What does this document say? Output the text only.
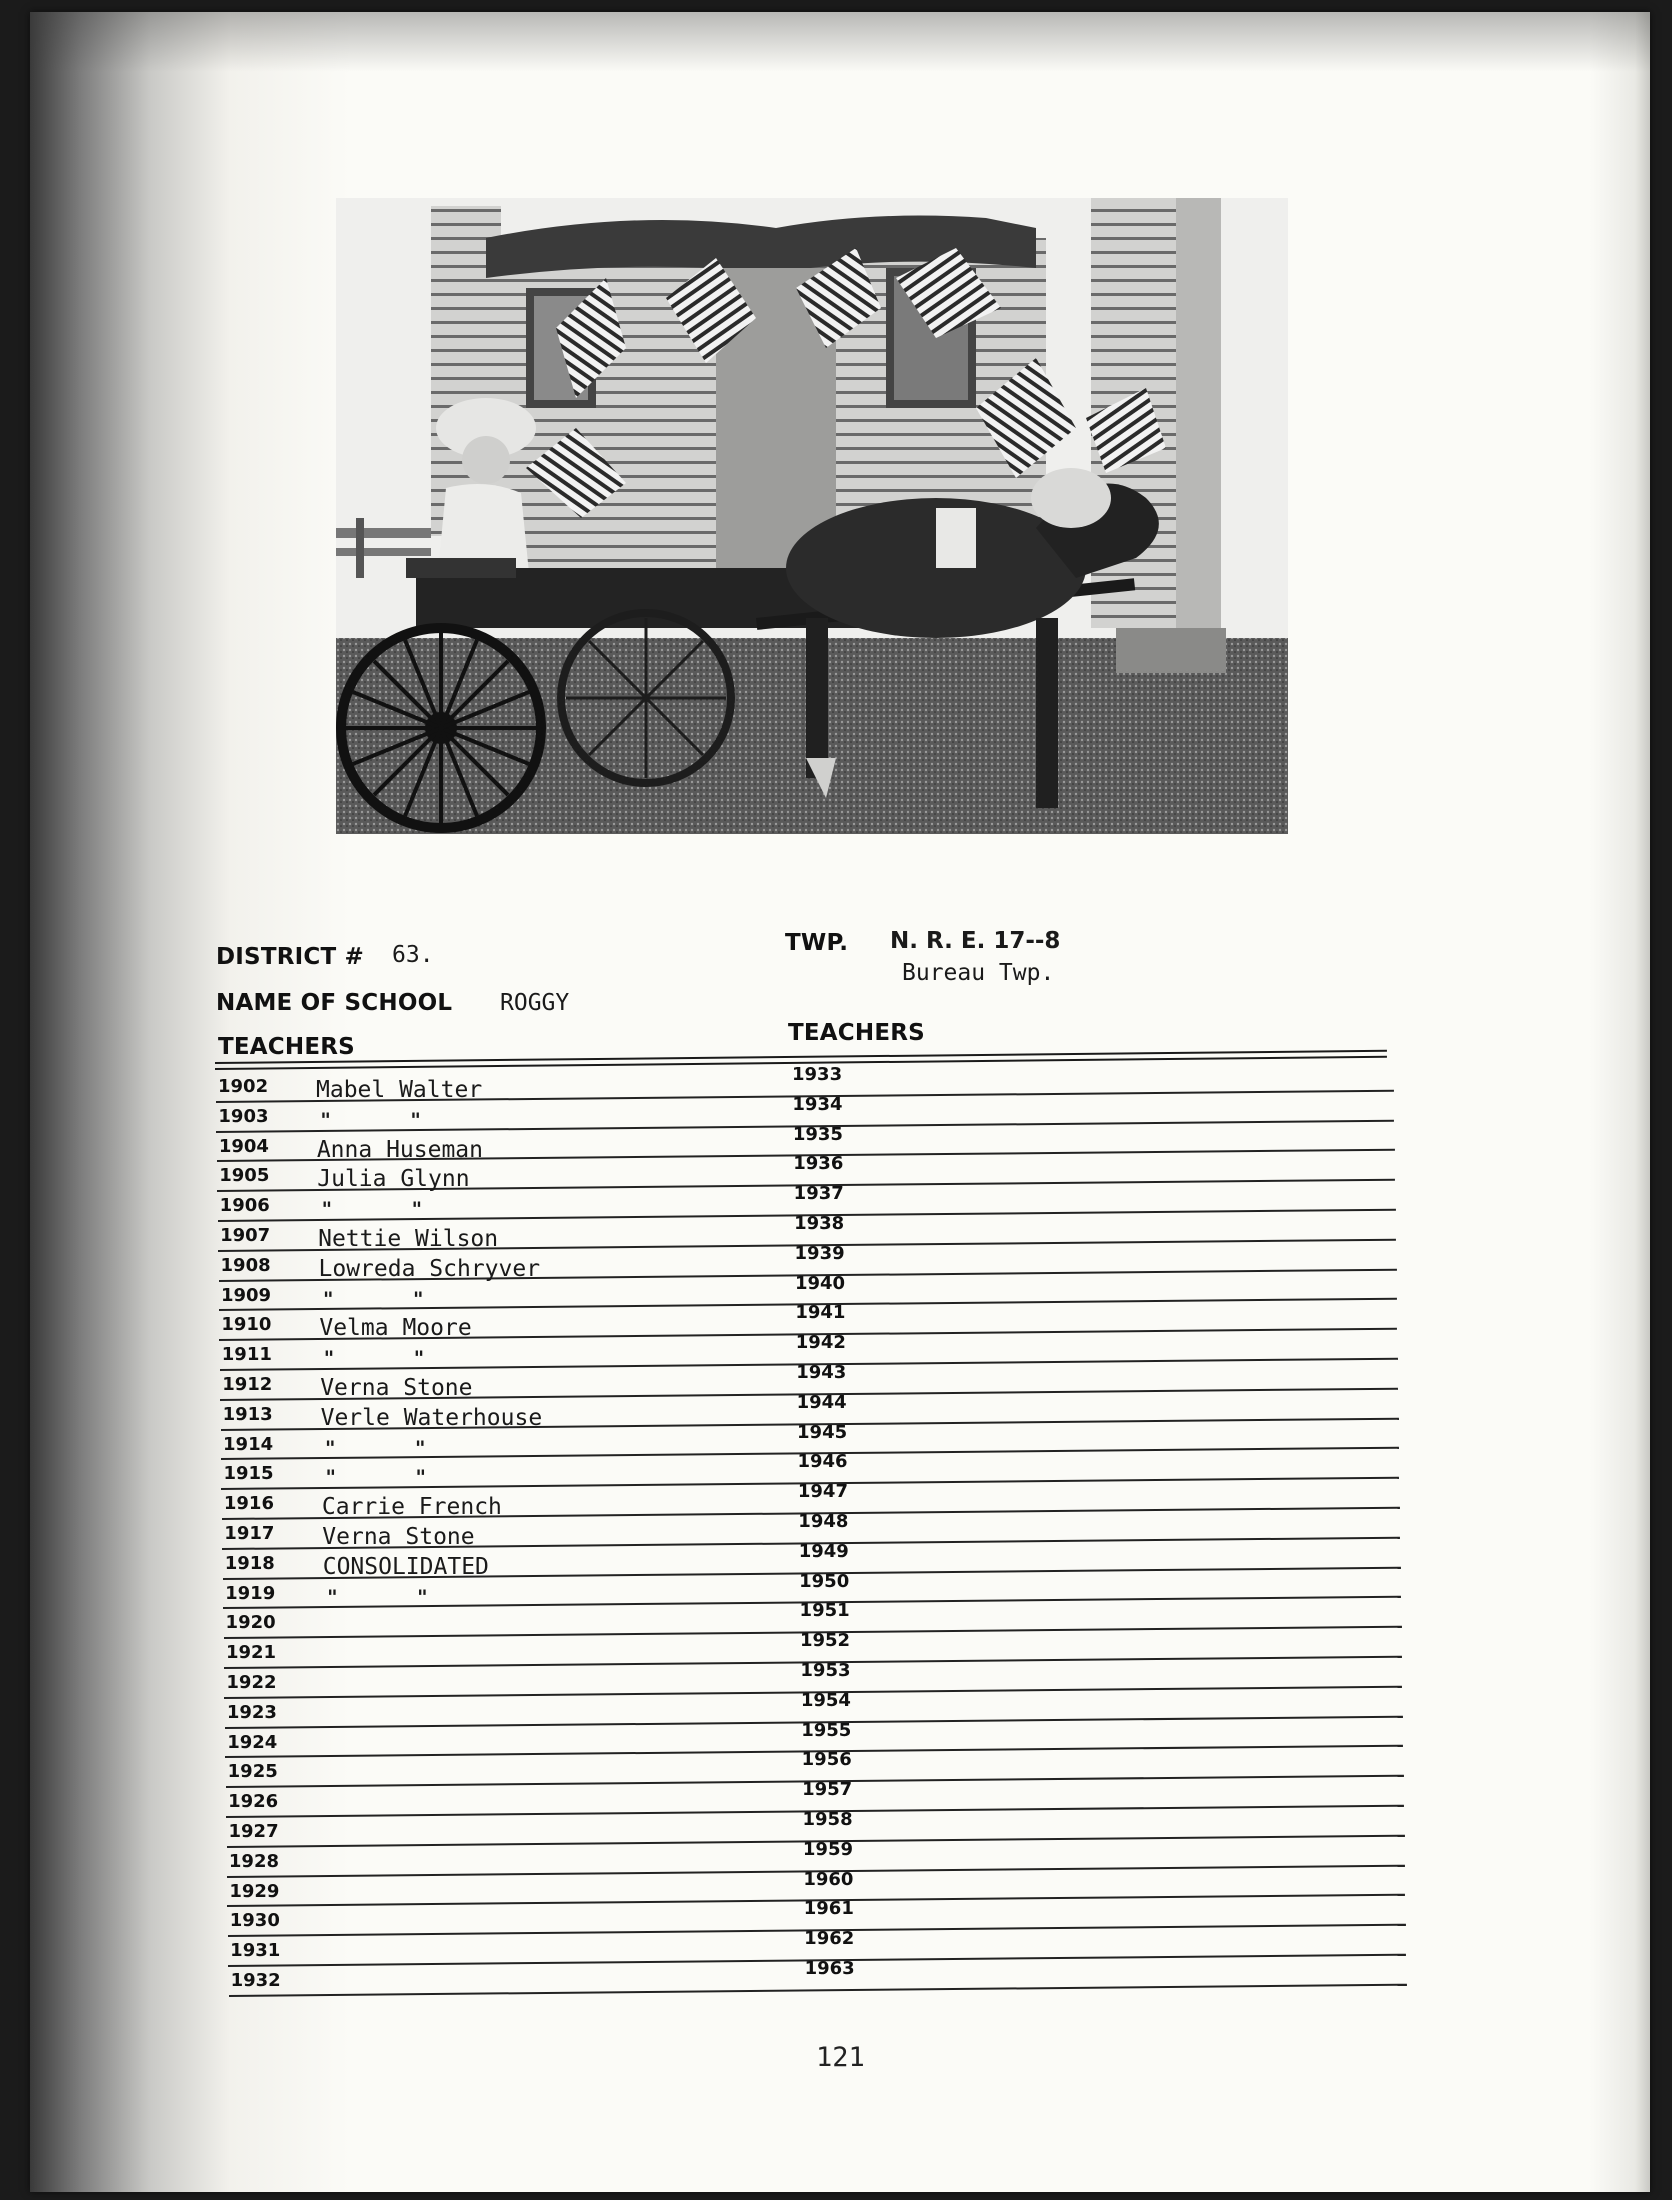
DISTRICT # 63.	TWP. N. R. E. 17--8
Bureau Twp.
NAME OF SCHOOL ROGGY
TEACHERS
TEACHERS
1902 Mabel Walter
1933
1903	"	"
1934
1904 Anna Huseman
1935
1905 Julia Glynn
1936
1906	"	"
1937
1907 Nettie Wilson
1938
1908 Lowreda Schryver
1939
1909	"	"
1940
1910 Velma Moore
1941
1911	"	"
1942
1912 Verna Stone
1943
1913 Verle Waterhouse
1944
1914	"	"
1945
1915	"	"
1946
1916 Carrie French
1947
1917 Verna Stone
1948
1918 CONSOLIDATED
1949
1919	"	"
1950
1920
1951
1921
1952
1922
1953
1923
1954
1924
1955
1925
1956
1926
1957
1927
1958
1928
1959
1929
1960
1930
1961
1931
1962
1932
1963
121
